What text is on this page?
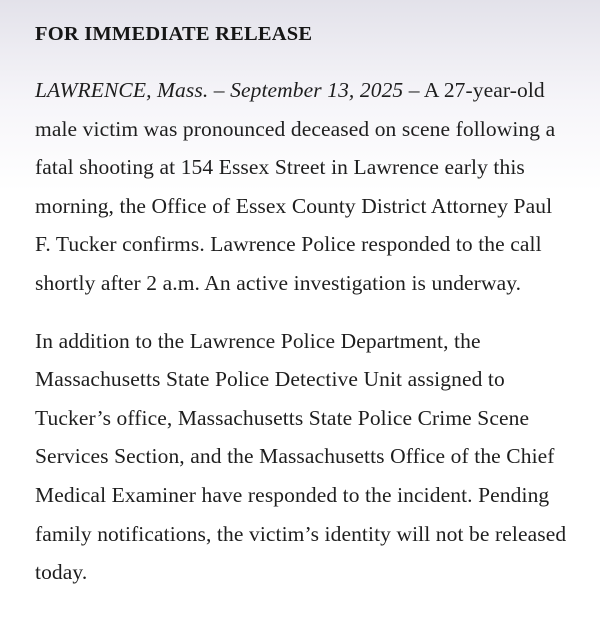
FOR IMMEDIATE RELEASE

LAWRENCE, Mass. – September 13, 2025 – A 27-year-old male victim was pronounced deceased on scene following a fatal shooting at 154 Essex Street in Lawrence early this morning, the Office of Essex County District Attorney Paul F. Tucker confirms. Lawrence Police responded to the call shortly after 2 a.m. An active investigation is underway.

In addition to the Lawrence Police Department, the Massachusetts State Police Detective Unit assigned to Tucker’s office, Massachusetts State Police Crime Scene Services Section, and the Massachusetts Office of the Chief Medical Examiner have responded to the incident. Pending family notifications, the victim’s identity will not be released today.
